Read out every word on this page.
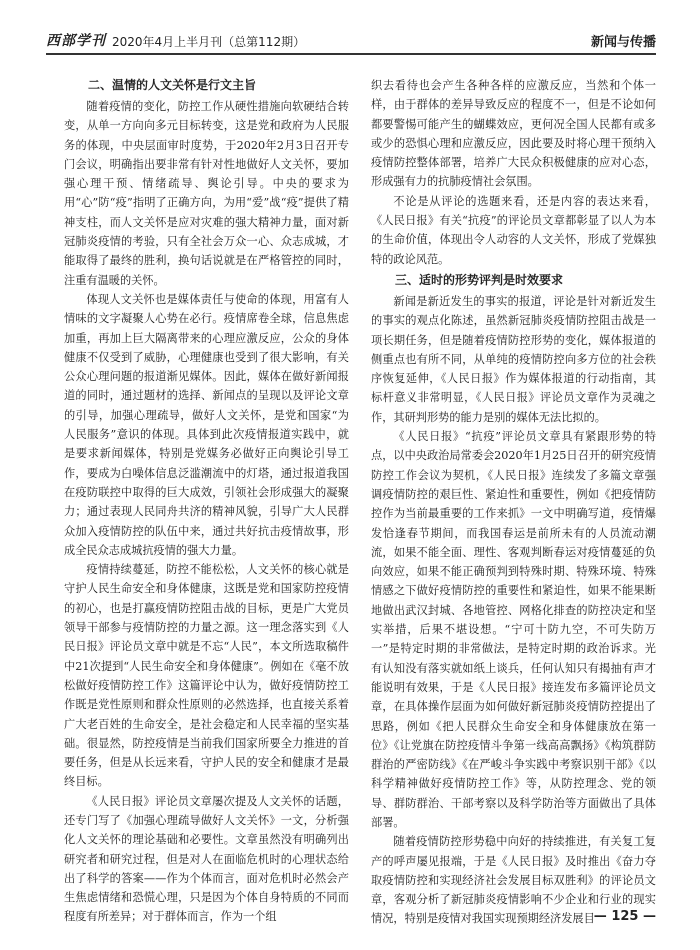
西部学刊 2020年4月上半月刊（总第112期）	新闻与传播
二、温情的人文关怀是行文主旨

随着疫情的变化，防控工作从硬性措施向软硬结合转变，从单一方向向多元目标转变，这是党和政府为人民服务的体现，中央层面审时度势，于2020年2月3日召开专门会议，明确指出要非常有针对性地做好人文关怀，要加强心理干预、情绪疏导、舆论引导。中央的要求为用“心”防“疫”指明了正确方向，为用“爱”战“疫”提供了精神支柱，而人文关怀是应对灾难的强大精神力量，面对新冠肺炎疫情的考验，只有全社会万众一心、众志成城，才能取得了最终的胜利，换句话说就是在严格管控的同时，注重有温暖的关怀。

体现人文关怀也是媒体责任与使命的体现，用富有人情味的文字凝聚人心势在必行。疫情席卷全球，信息焦虑加重，再加上巨大隔离带来的心理应激反应，公众的身体健康不仅受到了威胁，心理健康也受到了很大影响，有关公众心理问题的报道渐见媒体。因此，媒体在做好新闻报道的同时，通过题材的选择、新闻点的呈现以及评论文章的引导，加强心理疏导，做好人文关怀，是党和国家“为人民服务”意识的体现。具体到此次疫情报道实践中，就是要求新闻媒体，特别是党媒务必做好正向舆论引导工作，要成为白噪体信息泛滥潮流中的灯塔，通过报道我国在疫防联控中取得的巨大成效，引领社会形成强大的凝聚力；通过表现人民同舟共济的精神风貌，引导广大人民群众加入疫情防控的队伍中来，通过共好抗击疫情故事，形成全民众志成城抗疫情的强大力量。

疫情持续蔓延，防控不能松松，人文关怀的核心就是守护人民生命安全和身体健康，这既是党和国家防控疫情的初心，也是打赢疫情防控阻击战的目标，更是广大党员领导干部参与疫情防控的力量之源。这一理念落实到《人民日报》评论员文章中就是不忘“人民”，本文所选取稿件中21次提到“人民生命安全和身体健康”。例如在《毫不放松做好疫情防控工作》这篇评论中认为，做好疫情防控工作既是党性原则和群众性原则的必然选择，也直接关系着广大老百姓的生命安全，是社会稳定和人民幸福的坚实基础。很显然，防控疫情是当前我们国家所要全力推进的首要任务，但是从长远来看，守护人民的安全和健康才是最终目标。

《人民日报》评论员文章屡次提及人文关怀的话题，还专门写了《加强心理疏导做好人文关怀》一文，分析强化人文关怀的理论基础和必要性。文章虽然没有明确列出研究者和研究过程，但是对人在面临危机时的心理状态给出了科学的答案——作为个体而言，面对危机时必然会产生焦虑情绪和恐慌心理，只是因为个体自身特质的不同而程度有所差异；对于群体而言，作为一个组

织去看待也会产生各种各样的应激反应，当然和个体一样，由于群体的差异导致反应的程度不一，但是不论如何都要警惕可能产生的蝴蝶效应，更何况全国人民都有或多或少的恐惧心理和应激反应，因此要及时将心理干预纳入疫情防控整体部署，培养广大民众积极健康的应对心态，形成强有力的抗肺疫情社会氛围。

不论是从评论的选题来看，还是内容的表达来看，《人民日报》有关“抗疫”的评论员文章都彰显了以人为本的生命价值，体现出令人动容的人文关怀，形成了党媒独特的政论风范。

三、适时的形势评判是时效要求

新闻是新近发生的事实的报道，评论是针对新近发生的事实的观点化陈述，虽然新冠肺炎疫情防控阻击战是一项长期任务，但是随着疫情防控形势的变化，媒体报道的侧重点也有所不同，从单纯的疫情防控向多方位的社会秩序恢复延伸，《人民日报》作为媒体报道的行动指南，其标杆意义非常明显，《人民日报》评论员文章作为灵魂之作，其研判形势的能力是别的媒体无法比拟的。

《人民日报》“抗疫”评论员文章具有紧跟形势的特点，以中央政治局常委会2020年1月25日召开的研究疫情防控工作会议为契机，《人民日报》连续发了多篇文章强调疫情防控的艰巨性、紧迫性和重要性，例如《把疫情防控作为当前最重要的工作来抓》一文中明确写道，疫情爆发恰逢春节期间，而我国春运是前所未有的人员流动潮流，如果不能全面、理性、客观判断春运对疫情蔓延的负向效应，如果不能正确预判到特殊时期、特殊环境、特殊情感之下做好疫情防控的重要性和紧迫性，如果不能果断地做出武汉封城、各地管控、网格化排查的防控决定和坚实举措，后果不堪设想。“宁可十防九空，不可失防万一”是特定时期的非常做法，是特定时期的政治诉求。光有认知没有落实就如纸上谈兵，任何认知只有揭抽有声才能说明有效果，于是《人民日报》接连发布多篇评论员文章，在具体操作层面为如何做好新冠肺炎疫情防控提出了思路，例如《把人民群众生命安全和身体健康放在第一位》《让党旗在防控疫情斗争第一线高高飘扬》《构筑群防群治的严密防线》《在严峻斗争实践中考察识别干部》《以科学精神做好疫情防控工作》等，从防控理念、党的领导、群防群治、干部考察以及科学防治等方面做出了具体部署。

随着疫情防控形势稳中向好的持续推进，有关复工复产的呼声屡见报端，于是《人民日报》及时推出《奋力夺取疫情防控和实现经济社会发展目标双胜利》的评论员文章，客观分析了新冠肺炎疫情影响不少企业和行业的现实情况，特别是疫情对我国实现预期经济发展目 — 125 —
